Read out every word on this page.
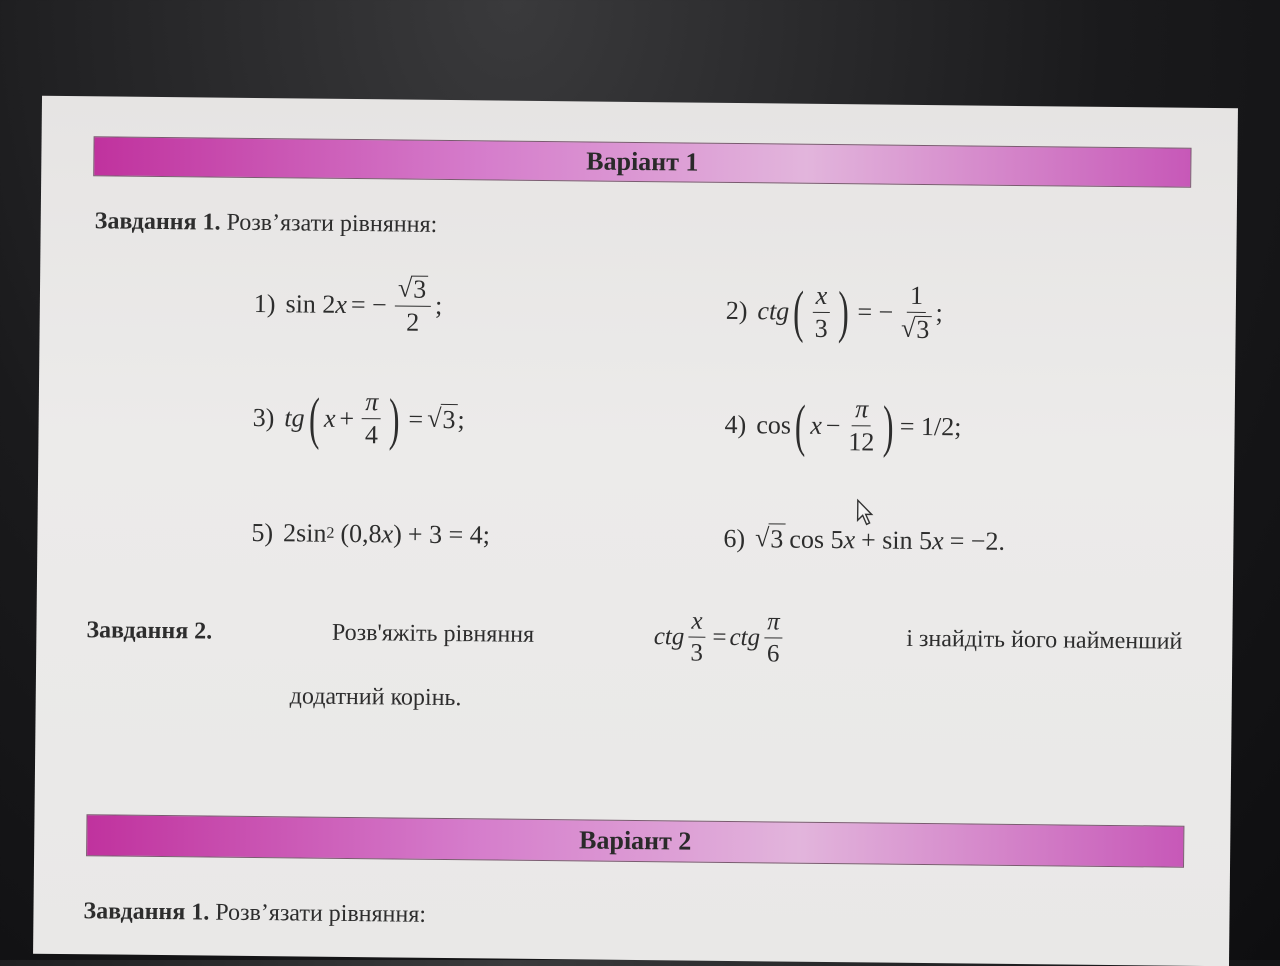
Варіант 1
Завдання 1. Розв’язати рівняння:
1) sin 2 x = − $\frac{√ 3}{2}$ ;	2) ctg ( $\frac{x}{3}$ ) = − $\frac{1}{√ 3}$ ;
3) tg ( $x + \frac{\pi}{4}$ ) = √ 3 ;	4) cos ( $x - \frac{\pi}{12}$ ) = 1/2 ;
5) 2sin 2 (0,8 x ) + 3 = 4 ;	6) √ 3 cos 5 x + sin 5 x = −2 .
Завдання 2.	Розв'яжіть рівняння	ctg $\frac{x}{3}$ = ctg $\frac{\pi}{6}$	і знайдіть його найменший
додатний корінь.
Варіант 2
Завдання 1. Розв’язати рівняння:
